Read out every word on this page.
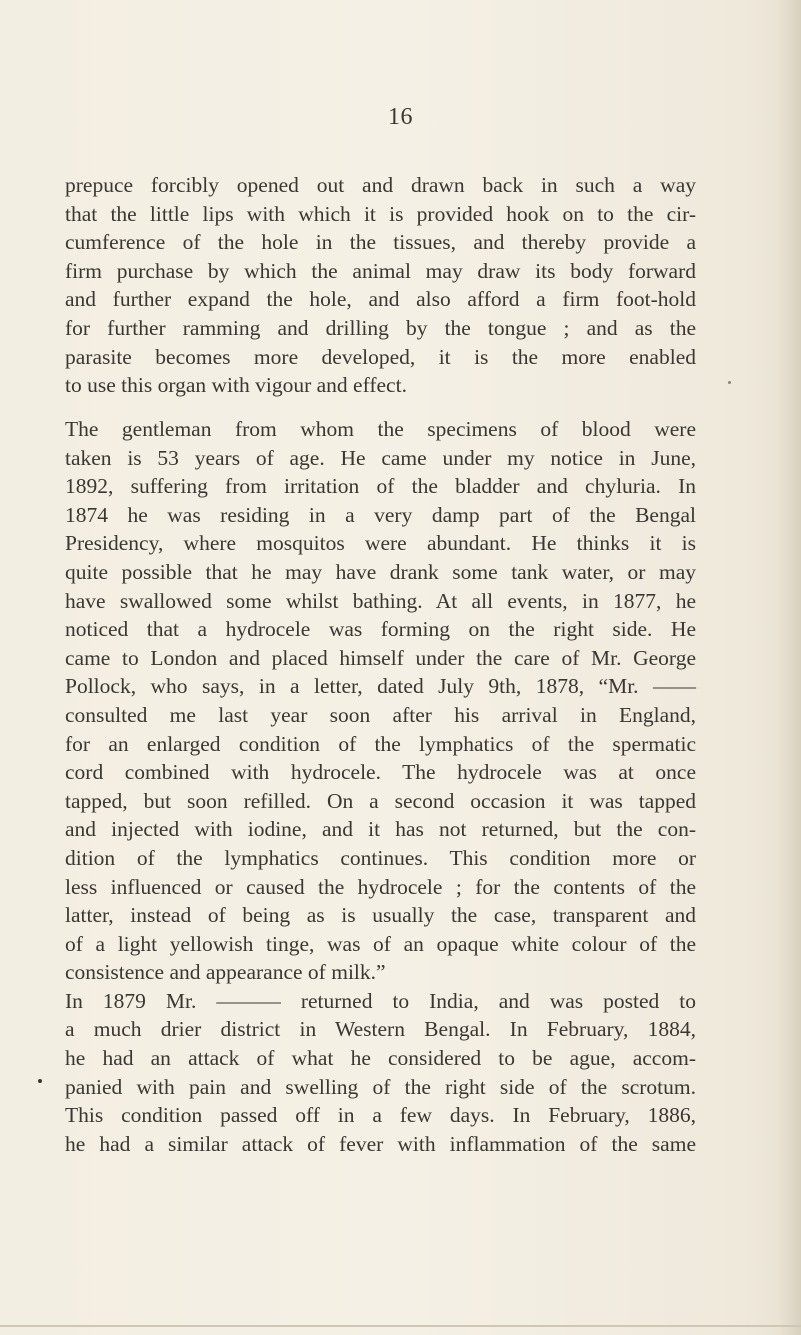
16

prepuce forcibly opened out and drawn back in such a way
that the little lips with which it is provided hook on to the cir-
cumference of the hole in the tissues, and thereby provide a
firm purchase by which the animal may draw its body forward
and further expand the hole, and also afford a firm foot-hold
for further ramming and drilling by the tongue ; and as the
parasite becomes more developed, it is the more enabled
to use this organ with vigour and effect.

The gentleman from whom the specimens of blood were
taken is 53 years of age. He came under my notice in June,
1892, suffering from irritation of the bladder and chyluria. In
1874 he was residing in a very damp part of the Bengal
Presidency, where mosquitos were abundant. He thinks it is
quite possible that he may have drank some tank water, or may
have swallowed some whilst bathing. At all events, in 1877, he
noticed that a hydrocele was forming on the right side. He
came to London and placed himself under the care of Mr. George
Pollock, who says, in a letter, dated July 9th, 1878, “Mr. ——
consulted me last year soon after his arrival in England,
for an enlarged condition of the lymphatics of the spermatic
cord combined with hydrocele. The hydrocele was at once
tapped, but soon refilled. On a second occasion it was tapped
and injected with iodine, and it has not returned, but the con-
dition of the lymphatics continues. This condition more or
less influenced or caused the hydrocele ; for the contents of the
latter, instead of being as is usually the case, transparent and
of a light yellowish tinge, was of an opaque white colour of the
consistence and appearance of milk.”
In 1879 Mr. ——— returned to India, and was posted to
a much drier district in Western Bengal. In February, 1884,
he had an attack of what he considered to be ague, accom-
panied with pain and swelling of the right side of the scrotum.
This condition passed off in a few days. In February, 1886,
he had a similar attack of fever with inflammation of the same
